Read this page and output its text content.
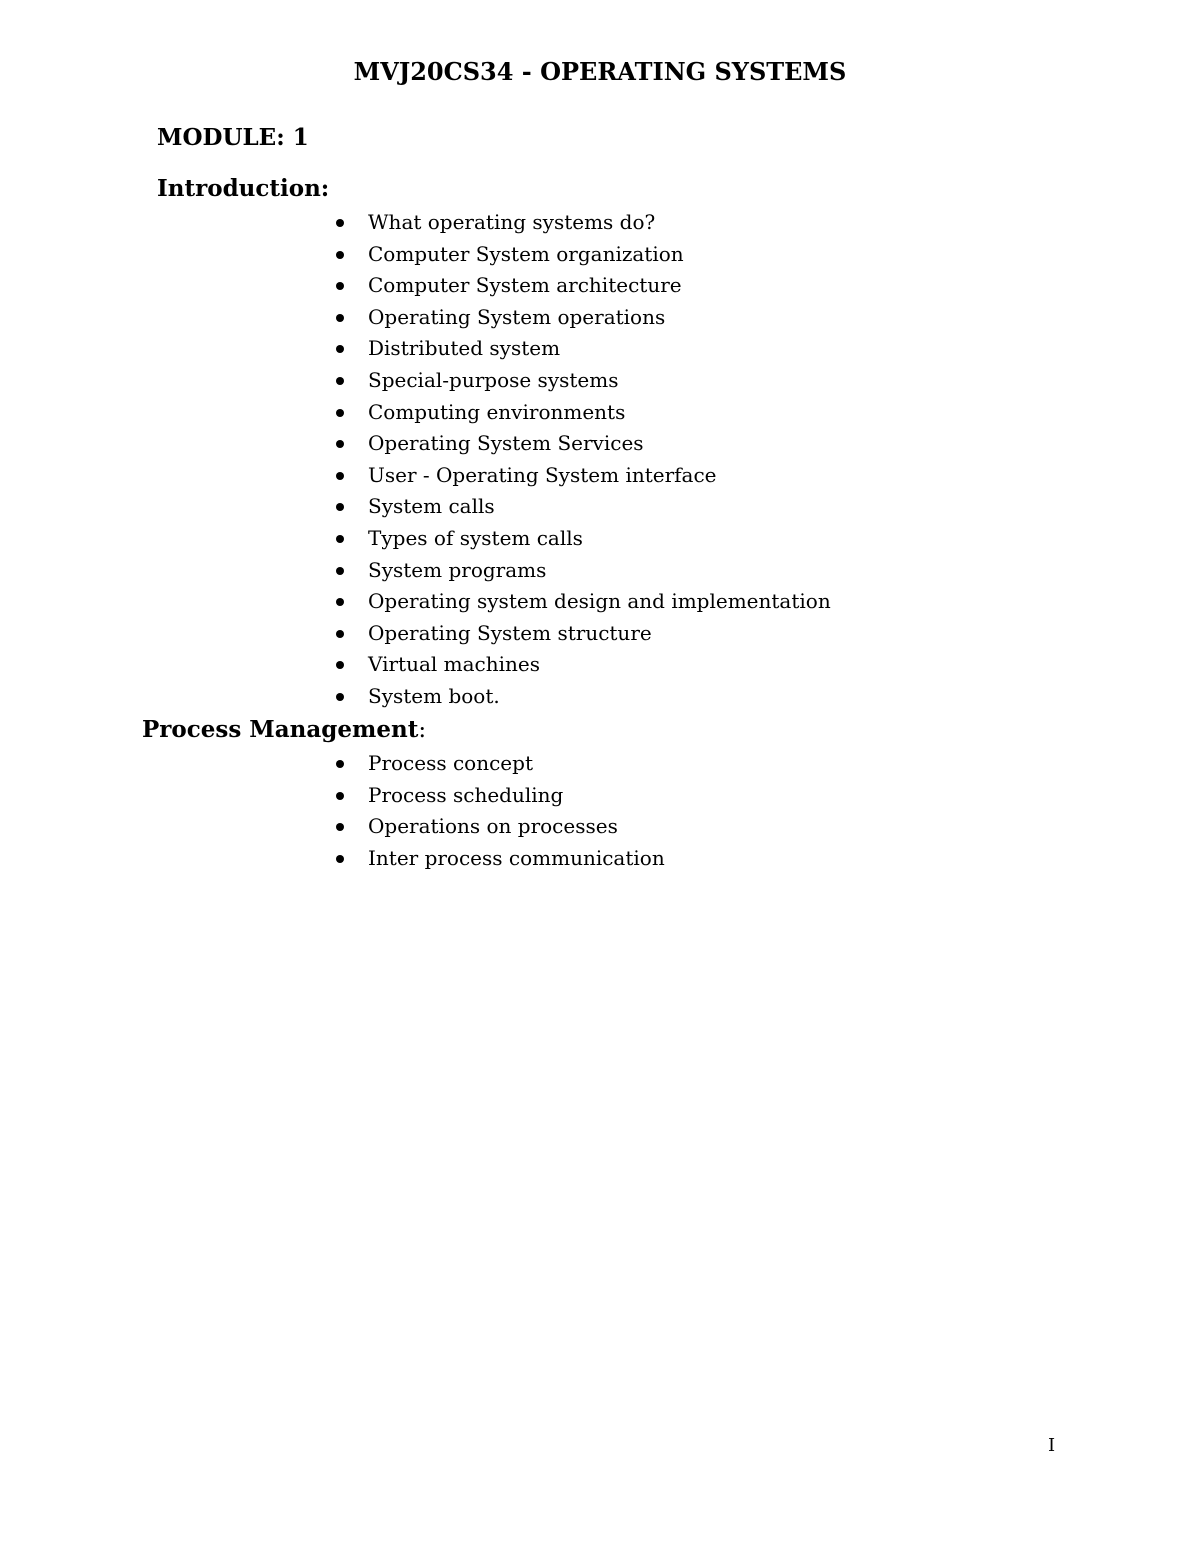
MVJ20CS34 - OPERATING SYSTEMS
MODULE: 1
Introduction:
What operating systems do?
Computer System organization
Computer System architecture
Operating System operations
Distributed system
Special-purpose systems
Computing environments
Operating System Services
User - Operating System interface
System calls
Types of system calls
System programs
Operating system design and implementation
Operating System structure
Virtual machines
System boot.
Process Management:
Process concept
Process scheduling
Operations on processes
Inter process communication
I
